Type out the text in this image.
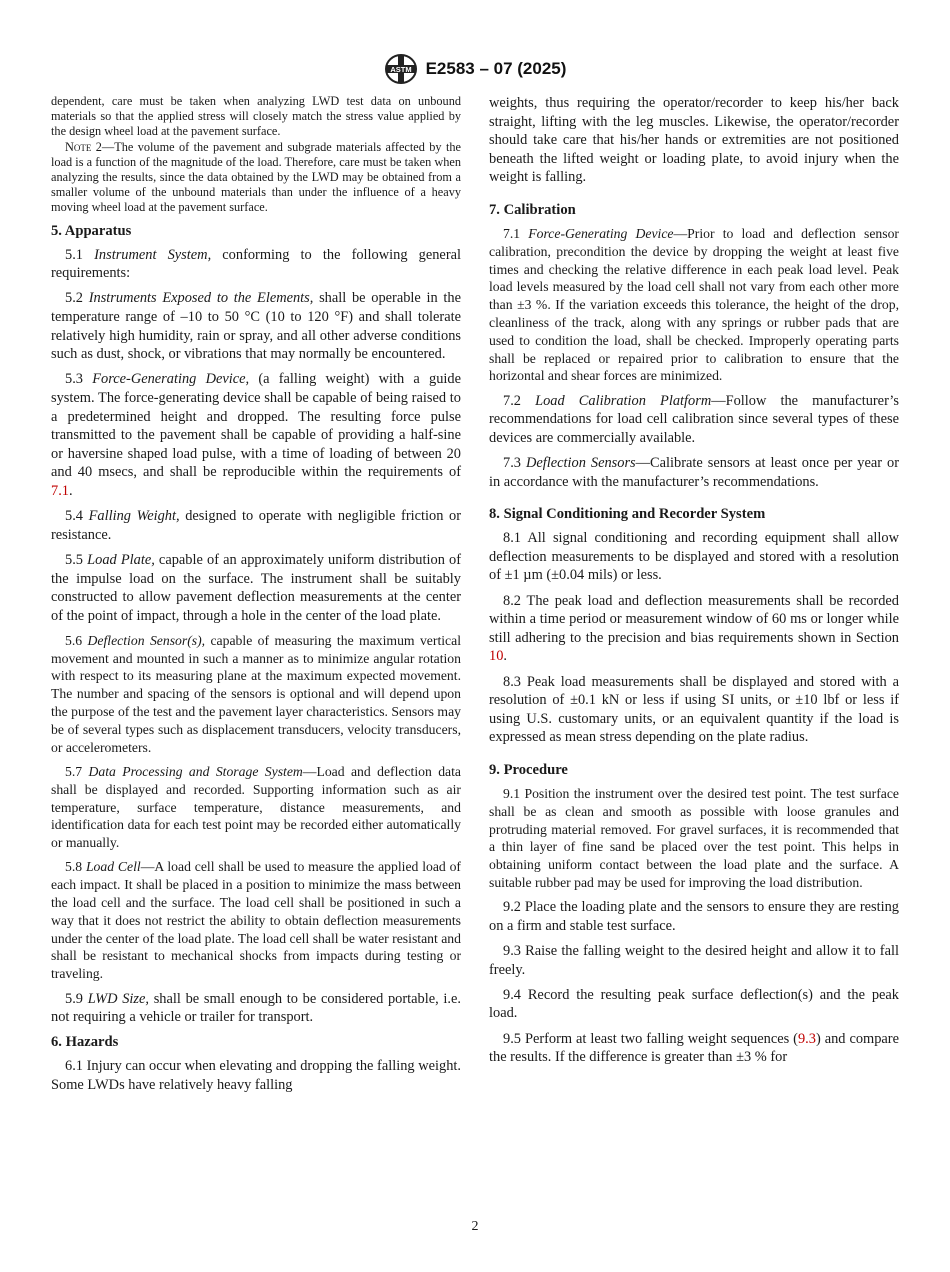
ASTM E2583 – 07 (2025)

dependent, care must be taken when analyzing LWD test data on unbound materials so that the applied stress will closely match the stress value applied by the design wheel load at the pavement surface.

Note 2—The volume of the pavement and subgrade materials affected by the load is a function of the magnitude of the load. Therefore, care must be taken when analyzing the results, since the data obtained by the LWD may be obtained from a smaller volume of the unbound materials than under the influence of a heavy moving wheel load at the pavement surface.

5. Apparatus

5.1 Instrument System, conforming to the following general requirements:

5.2 Instruments Exposed to the Elements, shall be operable in the temperature range of –10 to 50 °C (10 to 120 °F) and shall tolerate relatively high humidity, rain or spray, and all other adverse conditions such as dust, shock, or vibrations that may normally be encountered.

5.3 Force-Generating Device, (a falling weight) with a guide system. The force-generating device shall be capable of being raised to a predetermined height and dropped. The resulting force pulse transmitted to the pavement shall be capable of providing a half-sine or haversine shaped load pulse, with a time of loading of between 20 and 40 msecs, and shall be reproducible within the requirements of 7.1.

5.4 Falling Weight, designed to operate with negligible friction or resistance.

5.5 Load Plate, capable of an approximately uniform distribution of the impulse load on the surface. The instrument shall be suitably constructed to allow pavement deflection measurements at the center of the point of impact, through a hole in the center of the load plate.

5.6 Deflection Sensor(s), capable of measuring the maximum vertical movement and mounted in such a manner as to minimize angular rotation with respect to its measuring plane at the maximum expected movement. The number and spacing of the sensors is optional and will depend upon the purpose of the test and the pavement layer characteristics. Sensors may be of several types such as displacement transducers, velocity transducers, or accelerometers.

5.7 Data Processing and Storage System—Load and deflection data shall be displayed and recorded. Supporting information such as air temperature, surface temperature, distance measurements, and identification data for each test point may be recorded either automatically or manually.

5.8 Load Cell—A load cell shall be used to measure the applied load of each impact. It shall be placed in a position to minimize the mass between the load cell and the surface. The load cell shall be positioned in such a way that it does not restrict the ability to obtain deflection measurements under the center of the load plate. The load cell shall be water resistant and shall be resistant to mechanical shocks from impacts during testing or traveling.

5.9 LWD Size, shall be small enough to be considered portable, i.e. not requiring a vehicle or trailer for transport.

6. Hazards

6.1 Injury can occur when elevating and dropping the falling weight. Some LWDs have relatively heavy falling

weights, thus requiring the operator/recorder to keep his/her back straight, lifting with the leg muscles. Likewise, the operator/recorder should take care that his/her hands or extremities are not positioned beneath the lifted weight or loading plate, to avoid injury when the weight is falling.

7. Calibration

7.1 Force-Generating Device—Prior to load and deflection sensor calibration, precondition the device by dropping the weight at least five times and checking the relative difference in each peak load level. Peak load levels measured by the load cell shall not vary from each other more than ±3 %. If the variation exceeds this tolerance, the height of the drop, cleanliness of the track, along with any springs or rubber pads that are used to condition the load, shall be checked. Improperly operating parts shall be replaced or repaired prior to calibration to ensure that the horizontal and shear forces are minimized.

7.2 Load Calibration Platform—Follow the manufacturer’s recommendations for load cell calibration since several types of these devices are commercially available.

7.3 Deflection Sensors—Calibrate sensors at least once per year or in accordance with the manufacturer’s recommendations.

8. Signal Conditioning and Recorder System

8.1 All signal conditioning and recording equipment shall allow deflection measurements to be displayed and stored with a resolution of ±1 µm (±0.04 mils) or less.

8.2 The peak load and deflection measurements shall be recorded within a time period or measurement window of 60 ms or longer while still adhering to the precision and bias requirements shown in Section 10.

8.3 Peak load measurements shall be displayed and stored with a resolution of ±0.1 kN or less if using SI units, or ±10 lbf or less if using U.S. customary units, or an equivalent quantity if the load is expressed as mean stress depending on the plate radius.

9. Procedure

9.1 Position the instrument over the desired test point. The test surface shall be as clean and smooth as possible with loose granules and protruding material removed. For gravel surfaces, it is recommended that a thin layer of fine sand be placed over the test point. This helps in obtaining uniform contact between the load plate and the surface. A suitable rubber pad may be used for improving the load distribution.

9.2 Place the loading plate and the sensors to ensure they are resting on a firm and stable test surface.

9.3 Raise the falling weight to the desired height and allow it to fall freely.

9.4 Record the resulting peak surface deflection(s) and the peak load.

9.5 Perform at least two falling weight sequences (9.3) and compare the results. If the difference is greater than ±3 % for

2
